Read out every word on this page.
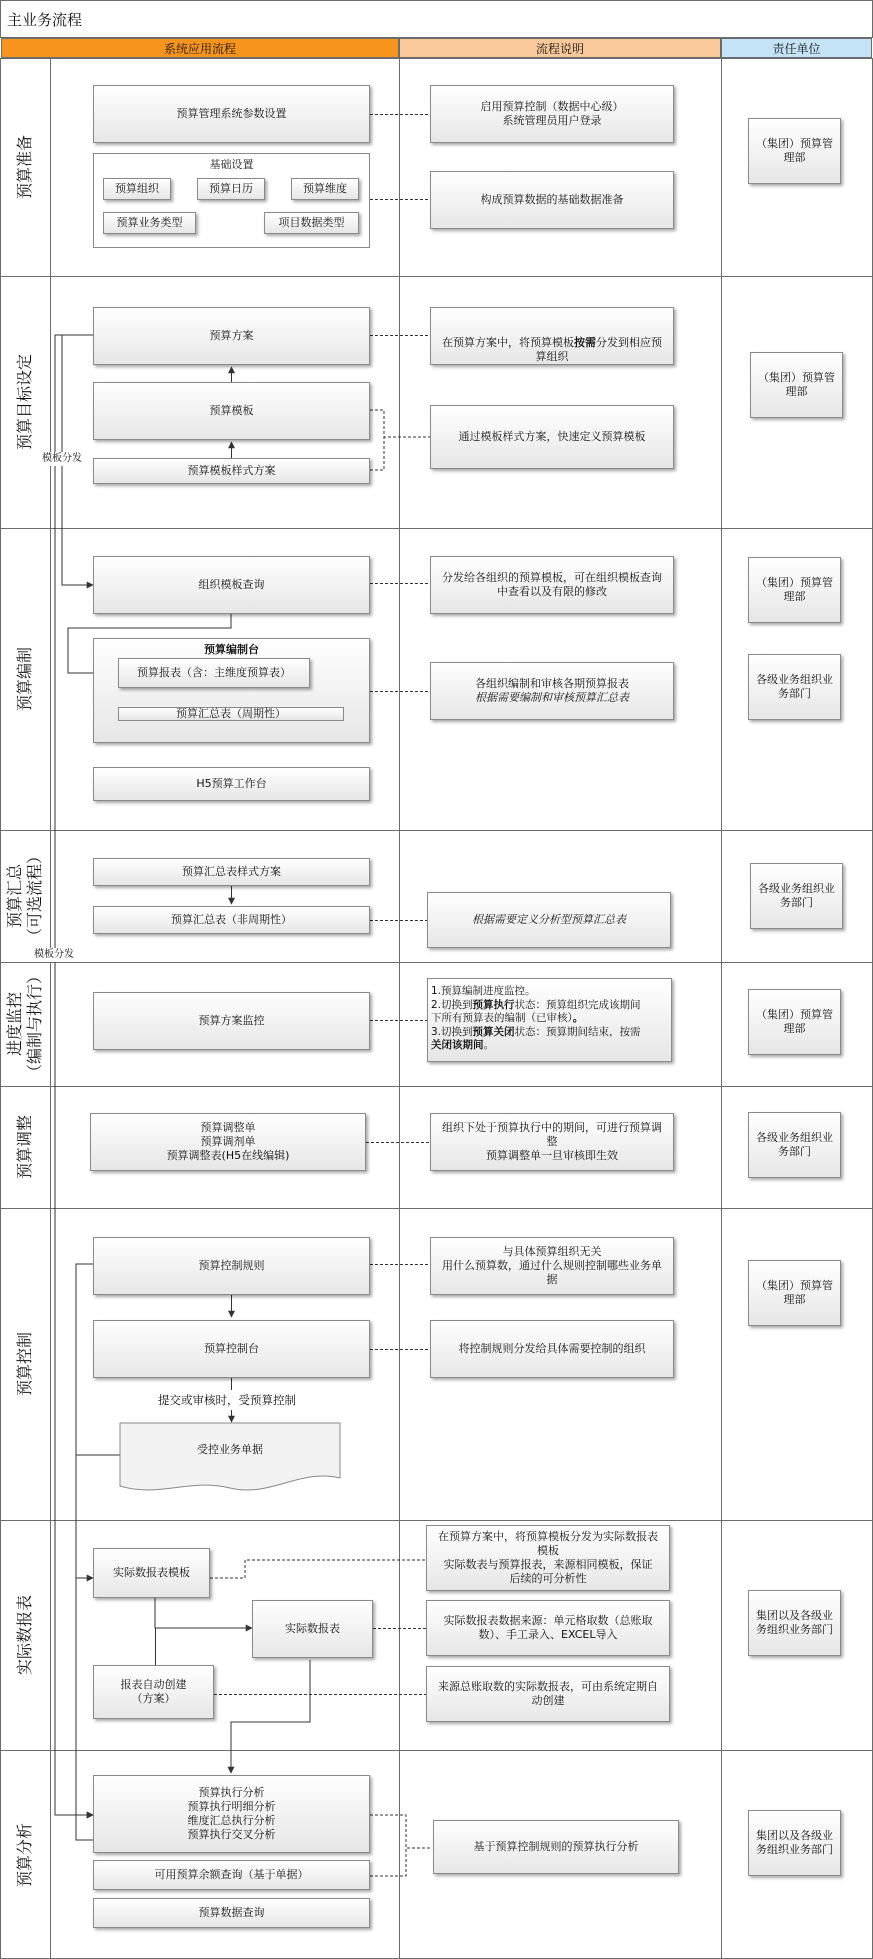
主业务流程
系统应用流程	流程说明	责任单位
预算准备
预算目标设定
预算编制
预算汇总
（可选流程）
进度监控
（编制与执行）
预算调整
预算控制
实际数报表
预算分析
预算管理系统参数设置
基础设置
预算组织	预算日历	预算维度
预算业务类型	项目数据类型
启用预算控制（数据中心级）
系统管理员用户登录
构成预算数据的基础数据准备
（集团）预算管
理部
预算方案
预算模板
预算模板样式方案
模板分发
模板分发

在预算方案中，将预算模板按需分发到相应预
算组织

通过模板样式方案，快速定义预算模板
（集团）预算管
理部
组织模板查询
预算编制台
预算报表（含：主维度预算表）
预算汇总表（周期性）
H5预算工作台
分发给各组织的预算模板，可在组织模板查询
中查看以及有限的修改
各组织编制和审核各期预算报表
根据需要编制和审核预算汇总表
（集团）预算管
理部
各级业务组织业
务部门
预算汇总表样式方案
预算汇总表（非周期性）	根据需要定义分析型预算汇总表
各级业务组织业
务部门
预算方案监控
1.预算编制进度监控。
2.切换到预算执行状态：预算组织完成该期间
下所有预算表的编制（已审核）。
3.切换到预算关闭状态：预算期间结束，按需
关闭该期间。
（集团）预算管
理部
预算调整单
预算调剂单
预算调整表(H5在线编辑)
组织下处于预算执行中的期间，可进行预算调
整
预算调整单一旦审核即生效
各级业务组织业
务部门
预算控制规则
预算控制台
提交或审核时，受预算控制
受控业务单据
与具体预算组织无关
用什么预算数，通过什么规则控制哪些业务单
据
将控制规则分发给具体需要控制的组织
（集团）预算管
理部
实际数报表模板
实际数报表
报表自动创建
（方案）
在预算方案中，将预算模板分发为实际数报表
模板
实际数表与预算报表，来源相同模板，保证
后续的可分析性
实际数报表数据来源：单元格取数（总账取
数）、手工录入、EXCEL导入
来源总账取数的实际数报表，可由系统定期自
动创建
集团以及各级业
务组织业务部门
预算执行分析
预算执行明细分析
维度汇总执行分析
预算执行交叉分析
可用预算余额查询（基于单据）
预算数据查询
基于预算控制规则的预算执行分析
集团以及各级业
务组织业务部门
